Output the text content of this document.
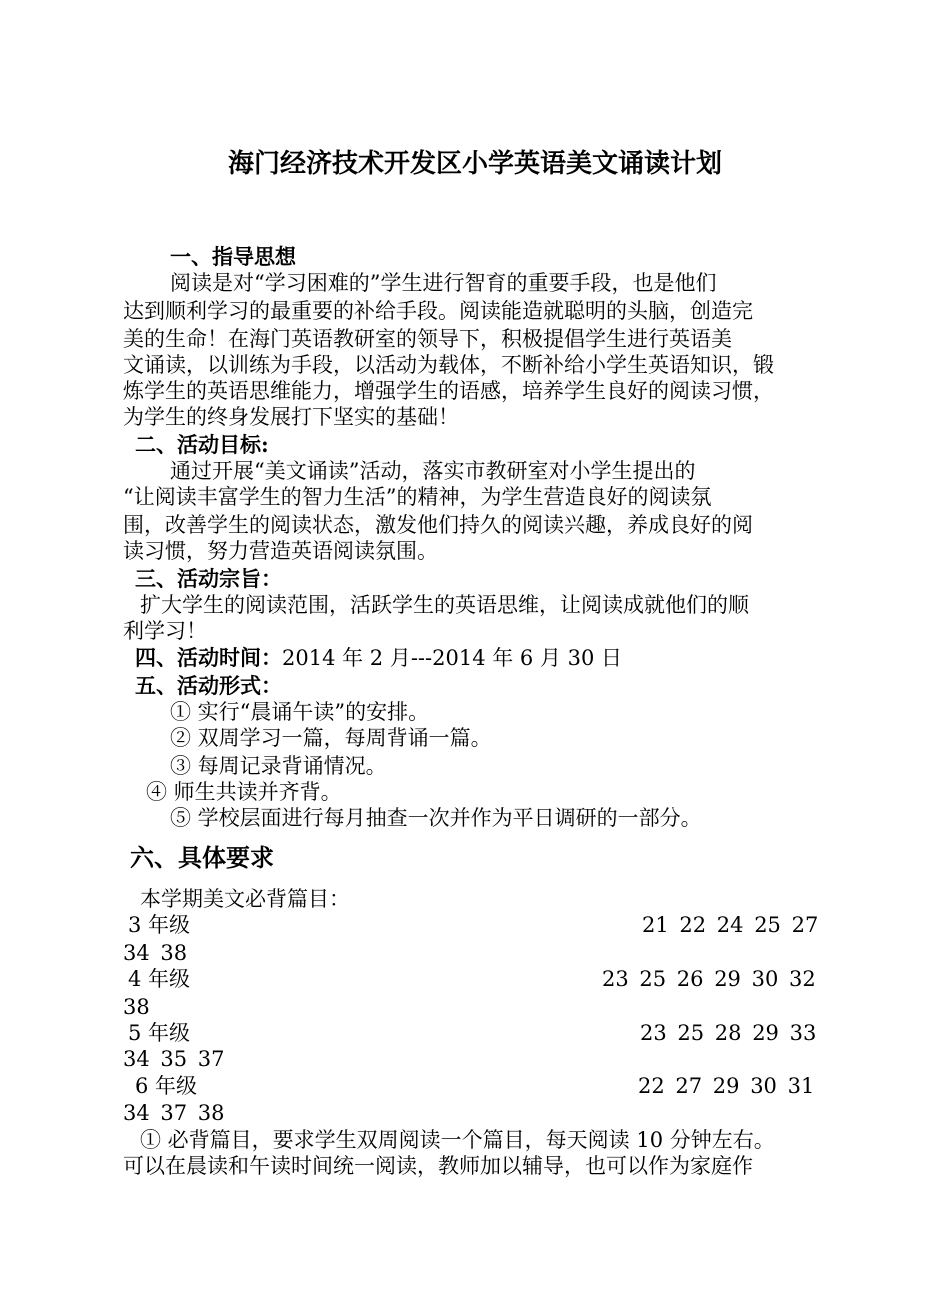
海门经济技术开发区小学英语美文诵读计划
一、指导思想
阅读是对“学习困难的”学生进行智育的重要手段，也是他们
达到顺利学习的最重要的补给手段。阅读能造就聪明的头脑，创造完
美的生命！在海门英语教研室的领导下，积极提倡学生进行英语美
文诵读，以训练为手段，以活动为载体，不断补给小学生英语知识，锻
炼学生的英语思维能力，增强学生的语感，培养学生良好的阅读习惯，
为学生的终身发展打下坚实的基础！
二、活动目标:
通过开展“美文诵读”活动，落实市教研室对小学生提出的
“让阅读丰富学生的智力生活”的精神，为学生营造良好的阅读氛
围，改善学生的阅读状态，激发他们持久的阅读兴趣，养成良好的阅
读习惯，努力营造英语阅读氛围。
三、活动宗旨：
扩大学生的阅读范围，活跃学生的英语思维，让阅读成就他们的顺
利学习！
四、活动时间：2014 年 2 月---2014 年 6 月 30 日
五、活动形式：
① 实行“晨诵午读”的安排。
② 双周学习一篇，每周背诵一篇。
③ 每周记录背诵情况。
④ 师生共读并齐背。
⑤ 学校层面进行每月抽查一次并作为平日调研的一部分。
六、具体要求
本学期美文必背篇目：
3 年级	21 22 24 25 27
34 38
4 年级	23 25 26 29 30 32
38
5 年级	23 25 28 29 33
34 35 37
6 年级	22 27 29 30 31
34 37 38
① 必背篇目，要求学生双周阅读一个篇目，每天阅读 10 分钟左右。
可以在晨读和午读时间统一阅读，教师加以辅导，也可以作为家庭作
